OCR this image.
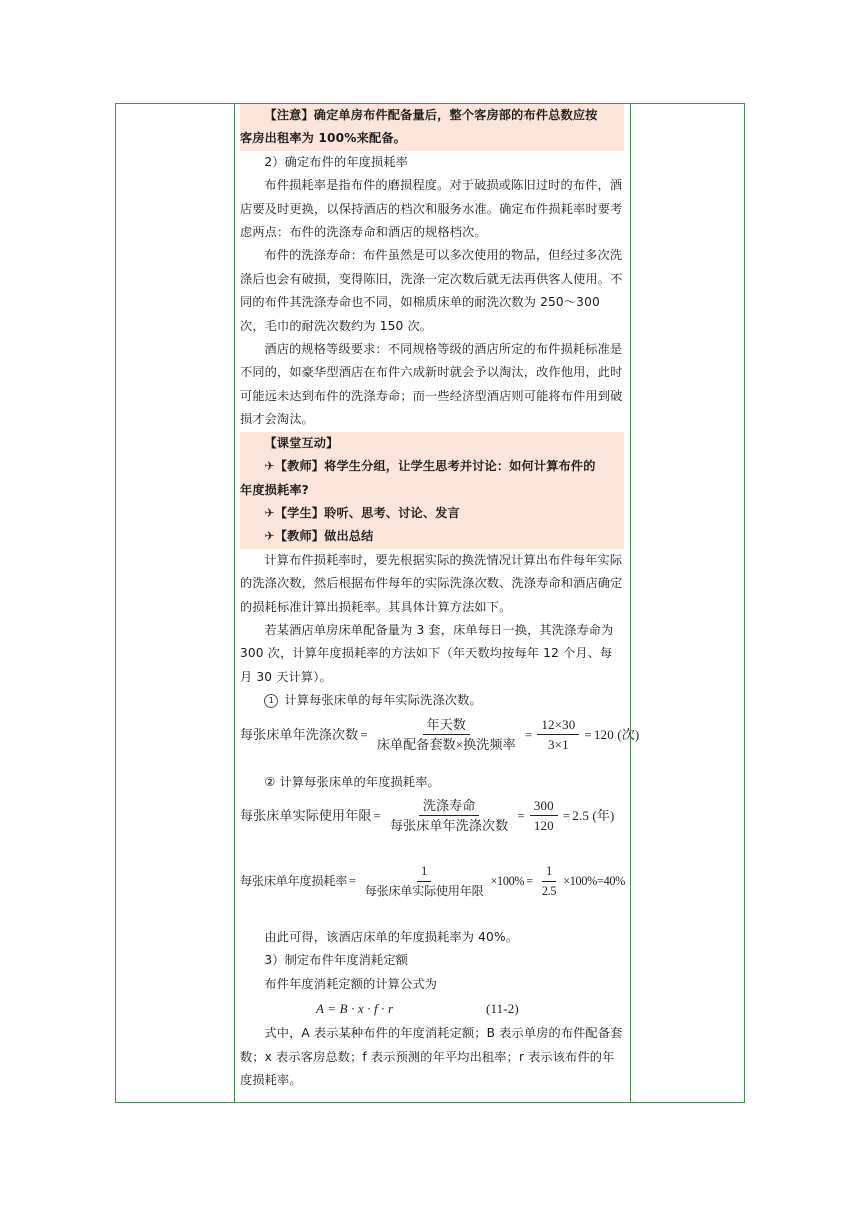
【注意】确定单房布件配备量后，整个客房部的布件总数应按

客房出租率为 100%来配备。

2）确定布件的年度损耗率

布件损耗率是指布件的磨损程度。对于破损或陈旧过时的布件，酒店要及时更换，以保持酒店的档次和服务水准。确定布件损耗率时要考虑两点：布件的洗涤寿命和酒店的规格档次。

布件的洗涤寿命：布件虽然是可以多次使用的物品，但经过多次洗涤后也会有破损，变得陈旧，洗涤一定次数后就无法再供客人使用。不同的布件其洗涤寿命也不同，如棉质床单的耐洗次数为 250～300 次，毛巾的耐洗次数约为 150 次。

酒店的规格等级要求：不同规格等级的酒店所定的布件损耗标准是不同的，如豪华型酒店在布件六成新时就会予以淘汰，改作他用，此时可能远未达到布件的洗涤寿命；而一些经济型酒店则可能将布件用到破损才会淘汰。

【课堂互动】

✈【教师】将学生分组，让学生思考并讨论：如何计算布件的

年度损耗率?

✈【学生】聆听、思考、讨论、发言

✈【教师】做出总结

计算布件损耗率时，要先根据实际的换洗情况计算出布件每年实际的洗涤次数，然后根据布件每年的实际洗涤次数、洗涤寿命和酒店确定的损耗标准计算出损耗率。其具体计算方法如下。

若某酒店单房床单配备量为 3 套，床单每日一换，其洗涤寿命为 300 次，计算年度损耗率的方法如下（年天数均按每年 12 个月、每月 30 天计算）。

1 计算每张床单的每年实际洗涤次数。

每张床单年洗涤次数 = $\frac{\text{年天数}}{\text{床单配备套数×换洗频率}} = \frac{12\times 30}{3\times 1} = 120$ (次)

② 计算每张床单的年度损耗率。

每张床单实际使用年限 = $\frac{\text{洗涤寿命}}{\text{每张床单年洗涤次数}} = \frac{300}{120} = 2.5$ (年)
每张床单年度损耗率 = $\frac{1}{\text{每张床单实际使用年限}} \times 100\% = \frac{1}{2.5} \times 100\%=40\%$

由此可得，该酒店床单的年度损耗率为 40%。

3）制定布件年度消耗定额

布件年度消耗定额的计算公式为

A = B · x · f · r	(11-2)

式中，A 表示某种布件的年度消耗定额；B 表示单房的布件配备套数；x 表示客房总数；f 表示预测的年平均出租率；r 表示该布件的年度损耗率。
